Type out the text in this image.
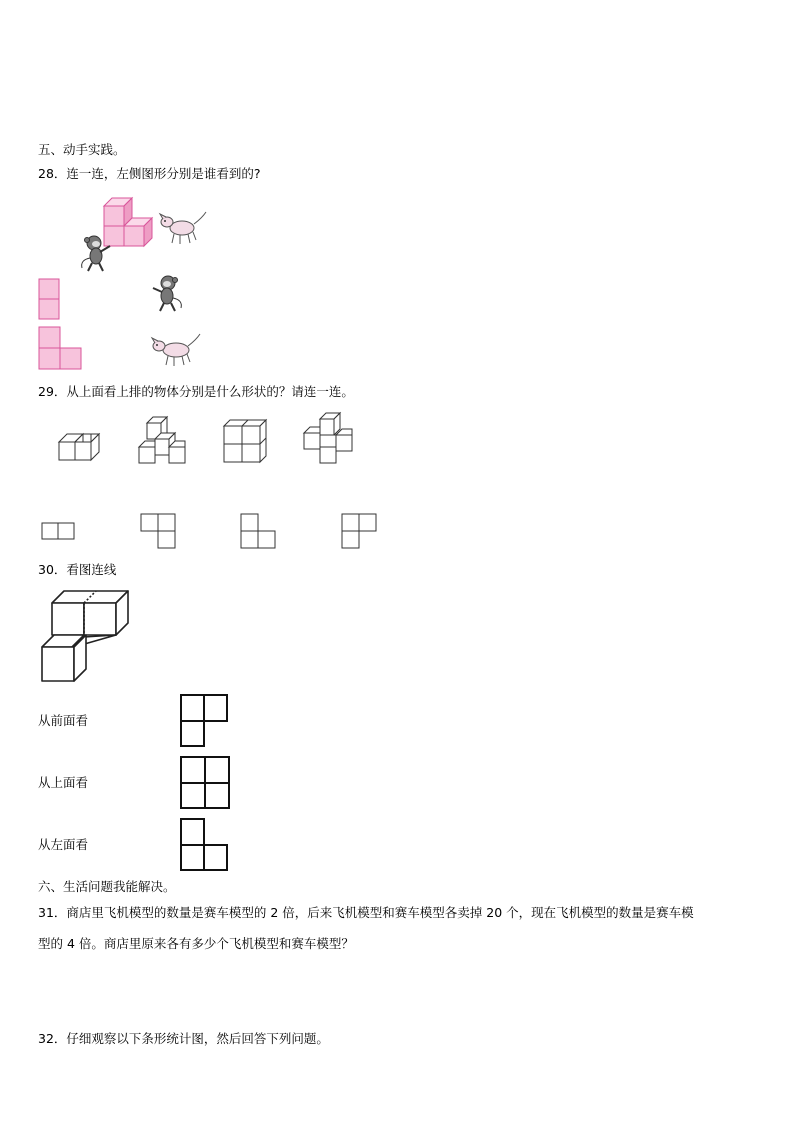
五、动手实践。
28．连一连，左侧图形分别是谁看到的?
29．从上面看上排的物体分别是什么形状的？请连一连。
30．看图连线
从前面看
从上面看
从左面看
六、生活问题我能解决。
31．商店里飞机模型的数量是赛车模型的 2 倍，后来飞机模型和赛车模型各卖掉 20 个，现在飞机模型的数量是赛车模
型的 4 倍。商店里原来各有多少个飞机模型和赛车模型？
32．仔细观察以下条形统计图，然后回答下列问题。
